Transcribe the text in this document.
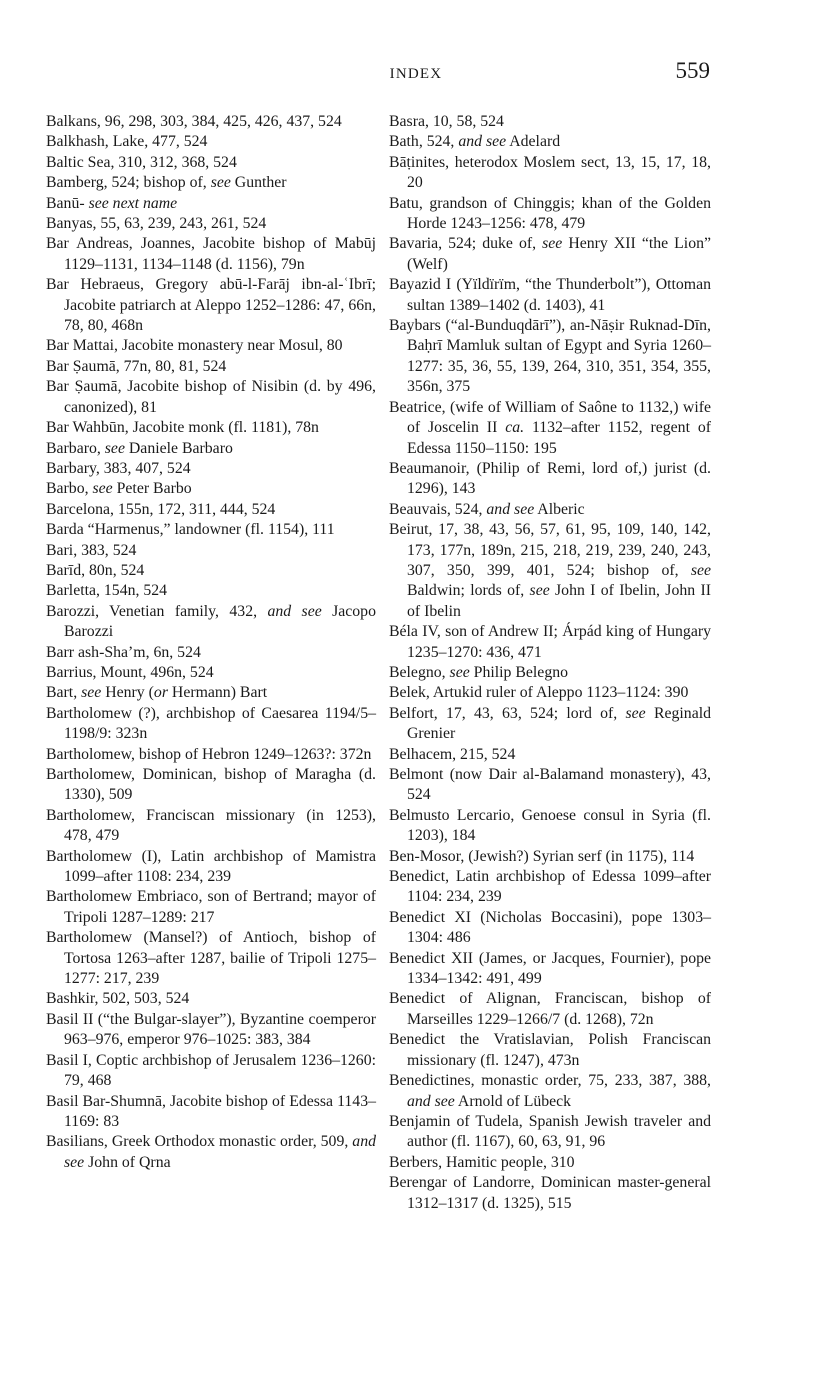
INDEX	559
Balkans, 96, 298, 303, 384, 425, 426, 437, 524
Balkhash, Lake, 477, 524
Baltic Sea, 310, 312, 368, 524
Bamberg, 524; bishop of, see Gunther
Banū- see next name
Banyas, 55, 63, 239, 243, 261, 524
Bar Andreas, Joannes, Jacobite bishop of Mabūj 1129–1131, 1134–1148 (d. 1156), 79n
Bar Hebraeus, Gregory abū-l-Farāj ibn-al-ʿIbrī; Jacobite patriarch at Aleppo 1252–1286: 47, 66n, 78, 80, 468n
Bar Mattai, Jacobite monastery near Mosul, 80
Bar Ṣaumā, 77n, 80, 81, 524
Bar Ṣaumā, Jacobite bishop of Nisibin (d. by 496, canonized), 81
Bar Wahbūn, Jacobite monk (fl. 1181), 78n
Barbaro, see Daniele Barbaro
Barbary, 383, 407, 524
Barbo, see Peter Barbo
Barcelona, 155n, 172, 311, 444, 524
Barda “Harmenus,” landowner (fl. 1154), 111
Bari, 383, 524
Barīd, 80n, 524
Barletta, 154n, 524
Barozzi, Venetian family, 432, and see Jacopo Barozzi
Barr ash-Sha’m, 6n, 524
Barrius, Mount, 496n, 524
Bart, see Henry (or Hermann) Bart
Bartholomew (?), archbishop of Caesarea 1194/5–1198/9: 323n
Bartholomew, bishop of Hebron 1249–1263?: 372n
Bartholomew, Dominican, bishop of Maragha (d. 1330), 509
Bartholomew, Franciscan missionary (in 1253), 478, 479
Bartholomew (I), Latin archbishop of Mamistra 1099–after 1108: 234, 239
Bartholomew Embriaco, son of Bertrand; mayor of Tripoli 1287–1289: 217
Bartholomew (Mansel?) of Antioch, bishop of Tortosa 1263–after 1287, bailie of Tripoli 1275–1277: 217, 239
Bashkir, 502, 503, 524
Basil II (“the Bulgar-slayer”), Byzantine coemperor 963–976, emperor 976–1025: 383, 384
Basil I, Coptic archbishop of Jerusalem 1236–1260: 79, 468
Basil Bar-Shumnā, Jacobite bishop of Edessa 1143–1169: 83
Basilians, Greek Orthodox monastic order, 509, and see John of Qrna
Basra, 10, 58, 524
Bath, 524, and see Adelard
Bāṭinites, heterodox Moslem sect, 13, 15, 17, 18, 20
Batu, grandson of Chinggis; khan of the Golden Horde 1243–1256: 478, 479
Bavaria, 524; duke of, see Henry XII “the Lion” (Welf)
Bayazid I (Yïldïrïm, “the Thunderbolt”), Ottoman sultan 1389–1402 (d. 1403), 41
Baybars (“al-Bunduqdārī”), an-Nāṣir Ruknad-Dīn, Baḥrī Mamluk sultan of Egypt and Syria 1260–1277: 35, 36, 55, 139, 264, 310, 351, 354, 355, 356n, 375
Beatrice, (wife of William of Saône to 1132,) wife of Joscelin II ca. 1132–after 1152, regent of Edessa 1150–1150: 195
Beaumanoir, (Philip of Remi, lord of,) jurist (d. 1296), 143
Beauvais, 524, and see Alberic
Beirut, 17, 38, 43, 56, 57, 61, 95, 109, 140, 142, 173, 177n, 189n, 215, 218, 219, 239, 240, 243, 307, 350, 399, 401, 524; bishop of, see Baldwin; lords of, see John I of Ibelin, John II of Ibelin
Béla IV, son of Andrew II; Árpád king of Hungary 1235–1270: 436, 471
Belegno, see Philip Belegno
Belek, Artukid ruler of Aleppo 1123–1124: 390
Belfort, 17, 43, 63, 524; lord of, see Reginald Grenier
Belhacem, 215, 524
Belmont (now Dair al-Balamand monastery), 43, 524
Belmusto Lercario, Genoese consul in Syria (fl. 1203), 184
Ben-Mosor, (Jewish?) Syrian serf (in 1175), 114
Benedict, Latin archbishop of Edessa 1099–after 1104: 234, 239
Benedict XI (Nicholas Boccasini), pope 1303–1304: 486
Benedict XII (James, or Jacques, Fournier), pope 1334–1342: 491, 499
Benedict of Alignan, Franciscan, bishop of Marseilles 1229–1266/7 (d. 1268), 72n
Benedict the Vratislavian, Polish Franciscan missionary (fl. 1247), 473n
Benedictines, monastic order, 75, 233, 387, 388, and see Arnold of Lübeck
Benjamin of Tudela, Spanish Jewish traveler and author (fl. 1167), 60, 63, 91, 96
Berbers, Hamitic people, 310
Berengar of Landorre, Dominican master-general 1312–1317 (d. 1325), 515
